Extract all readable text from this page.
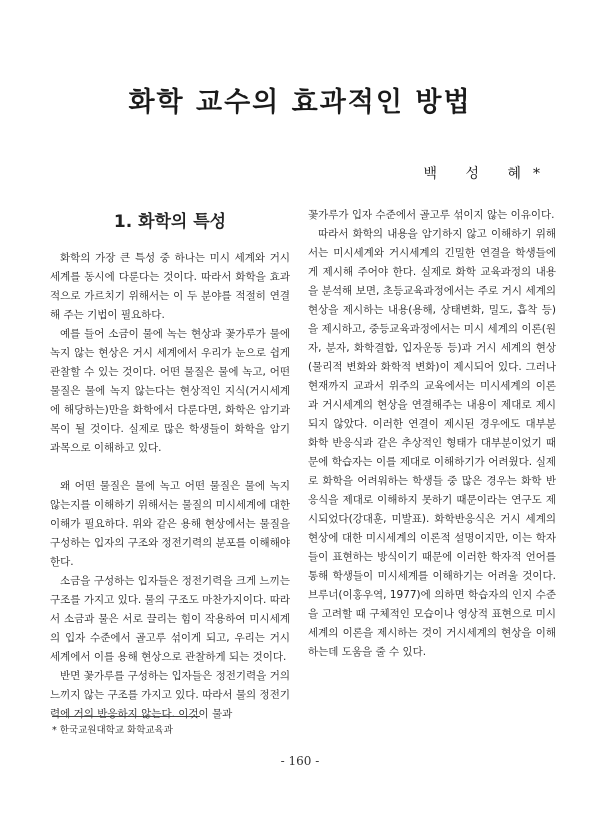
화학 교수의 효과적인 방법
백 성 혜*
1. 화학의 특성

화학의 가장 큰 특성 중 하나는 미시 세계와 거시 세계를 동시에 다룬다는 것이다. 따라서 화학을 효과적으로 가르치기 위해서는 이 두 분야를 적절히 연결해 주는 기법이 필요하다.

예를 들어 소금이 물에 녹는 현상과 꽃가루가 물에 녹지 않는 현상은 거시 세계에서 우리가 눈으로 쉽게 관찰할 수 있는 것이다. 어떤 물질은 물에 녹고, 어떤 물질은 물에 녹지 않는다는 현상적인 지식(거시세계에 해당하는)만을 화학에서 다룬다면, 화학은 암기과목이 될 것이다. 실제로 많은 학생들이 화학을 암기 과목으로 이해하고 있다.

왜 어떤 물질은 물에 녹고 어떤 물질은 물에 녹지 않는지를 이해하기 위해서는 물질의 미시세계에 대한 이해가 필요하다. 위와 같은 용해 현상에서는 물질을 구성하는 입자의 구조와 정전기력의 분포를 이해해야 한다.

소금을 구성하는 입자들은 정전기력을 크게 느끼는 구조를 가지고 있다. 물의 구조도 마찬가지이다. 따라서 소금과 물은 서로 끌리는 힘이 작용하여 미시세계의 입자 수준에서 골고루 섞이게 되고, 우리는 거시 세계에서 이를 용해 현상으로 관찰하게 되는 것이다.

반면 꽃가루를 구성하는 입자들은 정전기력을 거의 느끼지 않는 구조를 가지고 있다. 따라서 물의 정전기력에 거의 반응하지 않는다. 이것이 물과

꽃가루가 입자 수준에서 골고루 섞이지 않는 이유이다.

따라서 화학의 내용을 암기하지 않고 이해하기 위해서는 미시세계와 거시세계의 긴밀한 연결을 학생들에게 제시해 주어야 한다. 실제로 화학 교육과정의 내용을 분석해 보면, 초등교육과정에서는 주로 거시 세계의 현상을 제시하는 내용(용해, 상태변화, 밀도, 흡착 등)을 제시하고, 중등교육과정에서는 미시 세계의 이론(원자, 분자, 화학결합, 입자운동 등)과 거시 세계의 현상(물리적 변화와 화학적 변화)이 제시되어 있다. 그러나 현재까지 교과서 위주의 교육에서는 미시세계의 이론과 거시세계의 현상을 연결해주는 내용이 제대로 제시되지 않았다. 이러한 연결이 제시된 경우에도 대부분 화학 반응식과 같은 추상적인 형태가 대부분이었기 때문에 학습자는 이를 제대로 이해하기가 어려웠다. 실제로 화학을 어려워하는 학생들 중 많은 경우는 화학 반응식을 제대로 이해하지 못하기 때문이라는 연구도 제시되었다(강대훈, 미발표). 화학반응식은 거시 세계의 현상에 대한 미시세계의 이론적 설명이지만, 이는 학자들이 표현하는 방식이기 때문에 이러한 학자적 언어를 통해 학생들이 미시세계를 이해하기는 어려울 것이다. 브루너(이홍우역, 1977)에 의하면 학습자의 인지 수준을 고려할 때 구체적인 모습이나 영상적 표현으로 미시세계의 이론을 제시하는 것이 거시세계의 현상을 이해하는데 도움을 줄 수 있다.

* 한국교원대학교 화학교육과
- 160 -
